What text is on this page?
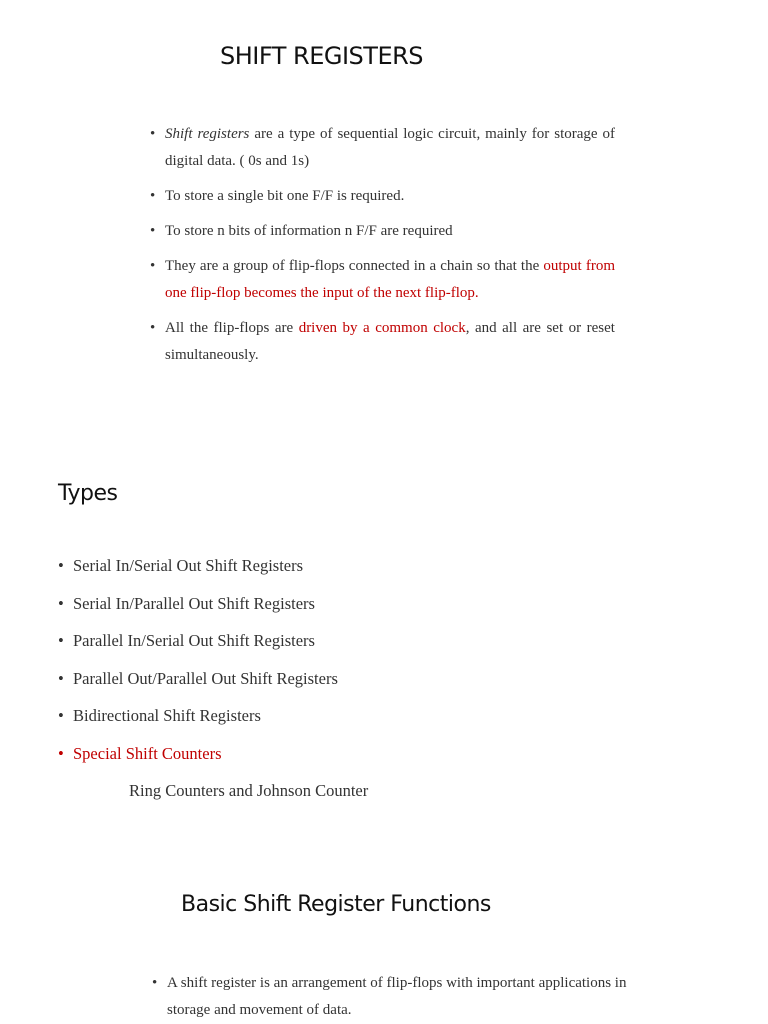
SHIFT REGISTERS
• Shift registers are a type of sequential logic circuit, mainly for storage of digital data. ( 0s and 1s)
• To store a single bit one F/F is required.
• To store n bits of information n F/F are required
• They are a group of flip-flops connected in a chain so that the output from one flip-flop becomes the input of the next flip-flop.
• All the flip-flops are driven by a common clock, and all are set or reset simultaneously.
Types
• Serial In/Serial Out Shift Registers
• Serial In/Parallel Out Shift Registers
• Parallel In/Serial Out Shift Registers
• Parallel Out/Parallel Out Shift Registers
• Bidirectional Shift Registers
• Special Shift Counters

Ring Counters and Johnson Counter

Basic Shift Register Functions
• A shift register is an arrangement of flip-flops with important applications in storage and movement of data.
